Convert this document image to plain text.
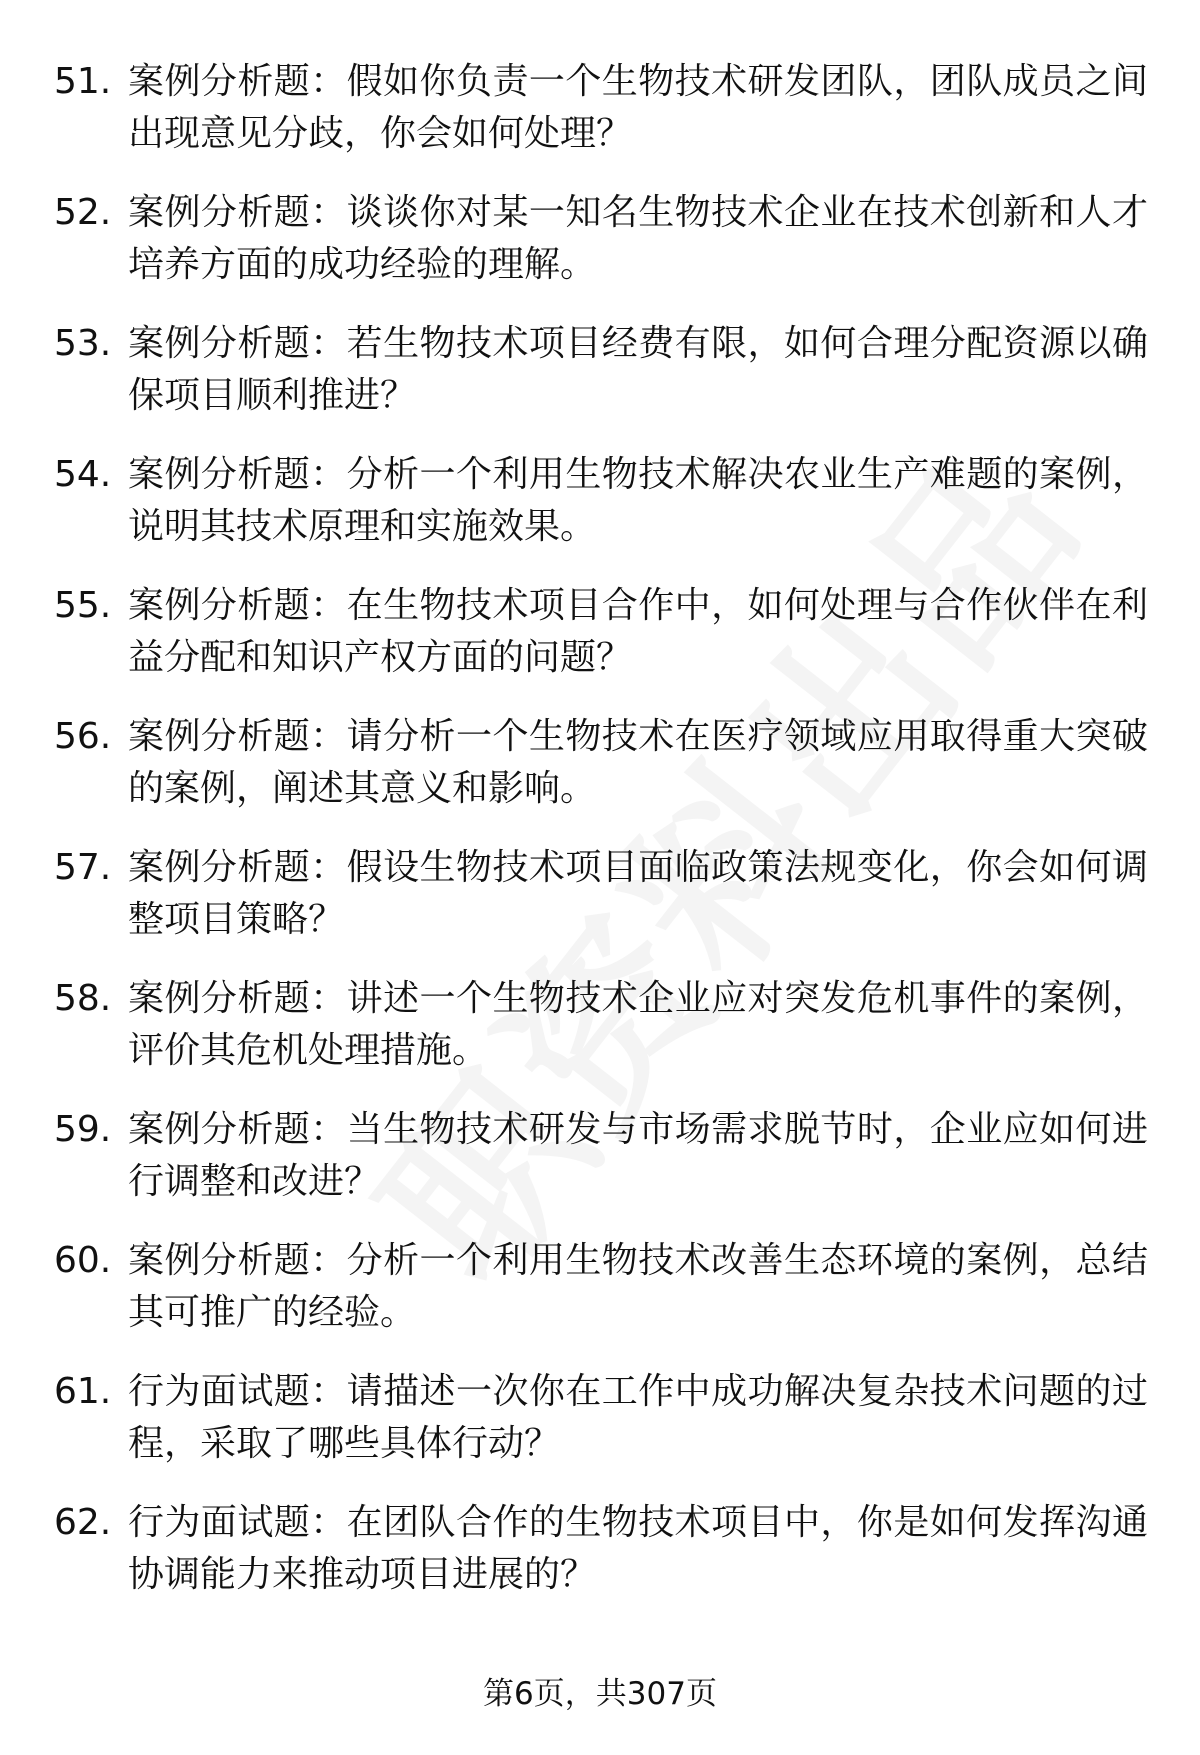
51. 案例分析题：假如你负责一个生物技术研发团队，团队成员之间出现意见分歧，你会如何处理？
52. 案例分析题：谈谈你对某一知名生物技术企业在技术创新和人才培养方面的成功经验的理解。
53. 案例分析题：若生物技术项目经费有限，如何合理分配资源以确保项目顺利推进？
54. 案例分析题：分析一个利用生物技术解决农业生产难题的案例，说明其技术原理和实施效果。
55. 案例分析题：在生物技术项目合作中，如何处理与合作伙伴在利益分配和知识产权方面的问题？
56. 案例分析题：请分析一个生物技术在医疗领域应用取得重大突破的案例，阐述其意义和影响。
57. 案例分析题：假设生物技术项目面临政策法规变化，你会如何调整项目策略？
58. 案例分析题：讲述一个生物技术企业应对突发危机事件的案例，评价其危机处理措施。
59. 案例分析题：当生物技术研发与市场需求脱节时，企业应如何进行调整和改进？
60. 案例分析题：分析一个利用生物技术改善生态环境的案例，总结其可推广的经验。
61. 行为面试题：请描述一次你在工作中成功解决复杂技术问题的过程，采取了哪些具体行动？
62. 行为面试题：在团队合作的生物技术项目中，你是如何发挥沟通协调能力来推动项目进展的？
第6页，共307页
